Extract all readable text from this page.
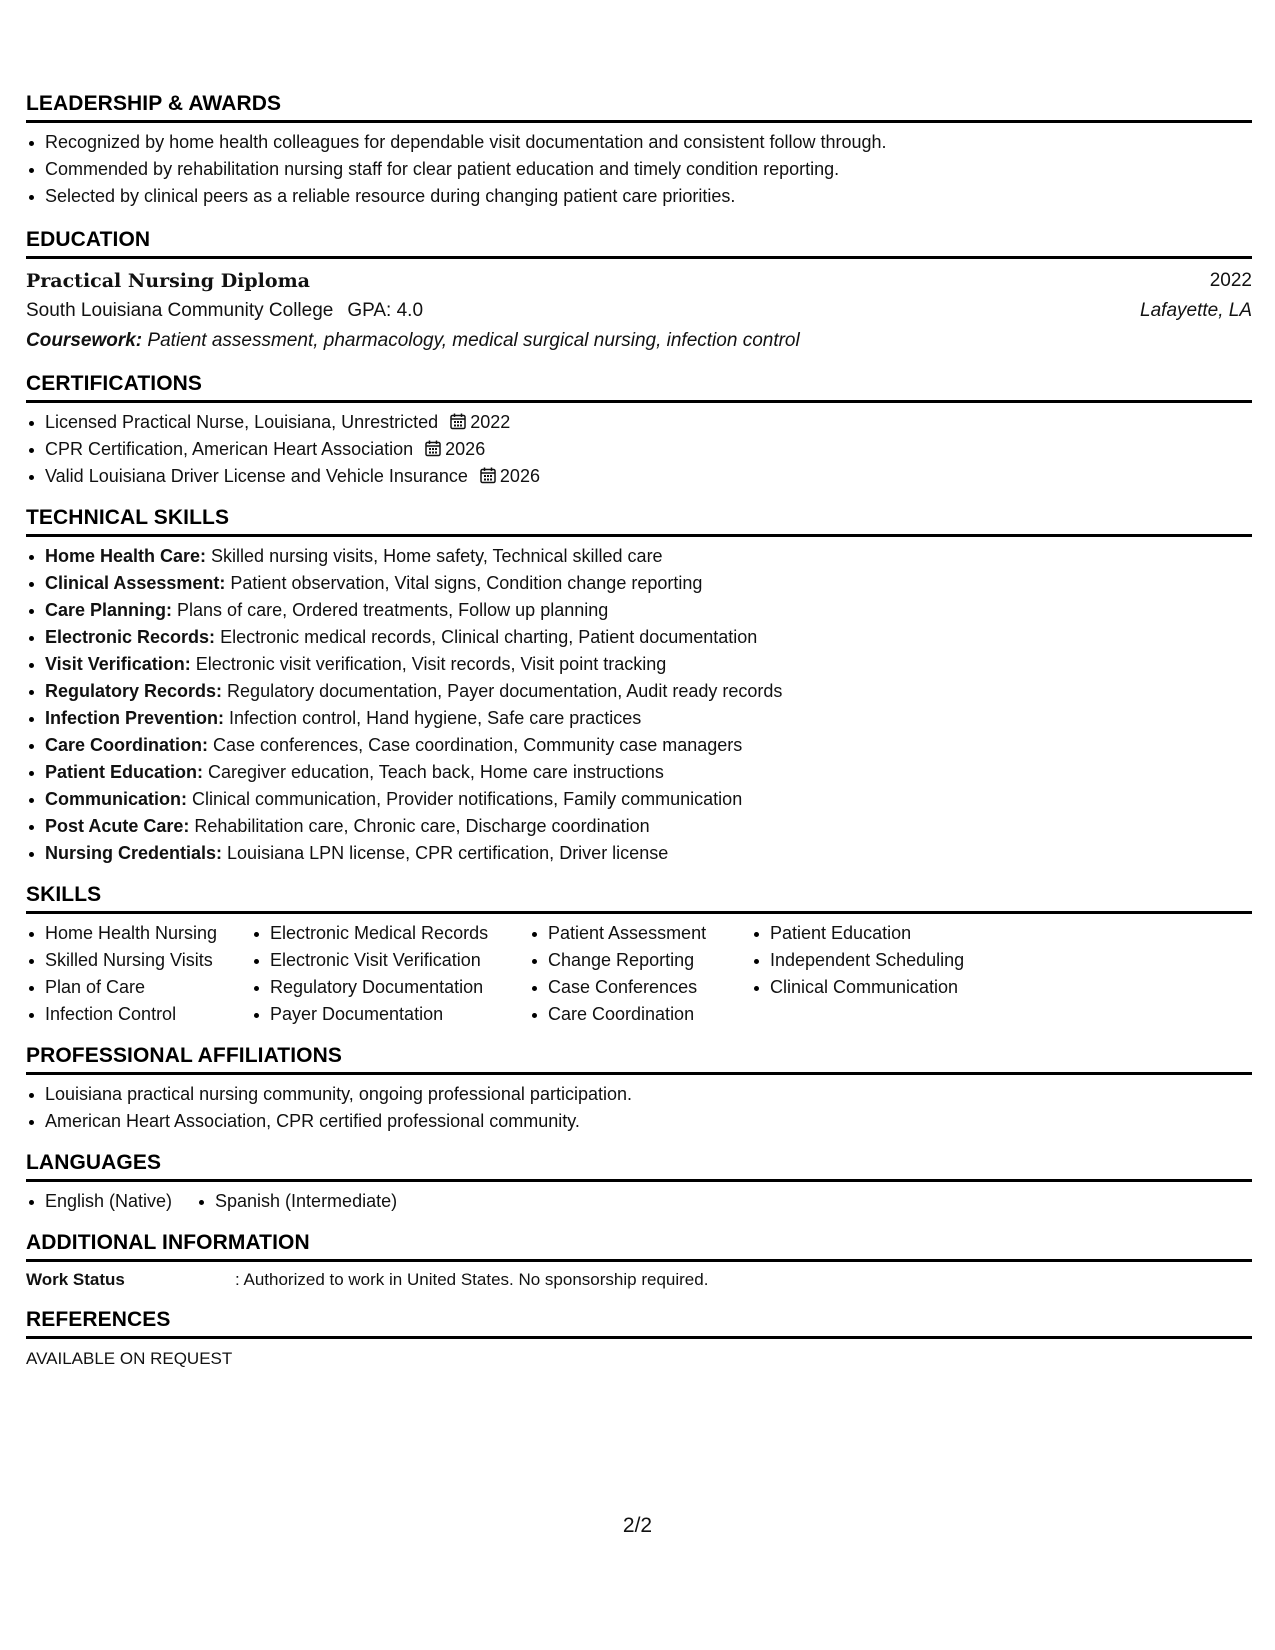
LEADERSHIP & AWARDS
Recognized by home health colleagues for dependable visit documentation and consistent follow through.
Commended by rehabilitation nursing staff for clear patient education and timely condition reporting.
Selected by clinical peers as a reliable resource during changing patient care priorities.
EDUCATION
Practical Nursing Diploma	2022
South Louisiana Community College GPA: 4.0	Lafayette, LA
Coursework: Patient assessment, pharmacology, medical surgical nursing, infection control
CERTIFICATIONS
Licensed Practical Nurse, Louisiana, Unrestricted 2022
CPR Certification, American Heart Association 2026
Valid Louisiana Driver License and Vehicle Insurance 2026
TECHNICAL SKILLS
Home Health Care: Skilled nursing visits, Home safety, Technical skilled care
Clinical Assessment: Patient observation, Vital signs, Condition change reporting
Care Planning: Plans of care, Ordered treatments, Follow up planning
Electronic Records: Electronic medical records, Clinical charting, Patient documentation
Visit Verification: Electronic visit verification, Visit records, Visit point tracking
Regulatory Records: Regulatory documentation, Payer documentation, Audit ready records
Infection Prevention: Infection control, Hand hygiene, Safe care practices
Care Coordination: Case conferences, Case coordination, Community case managers
Patient Education: Caregiver education, Teach back, Home care instructions
Communication: Clinical communication, Provider notifications, Family communication
Post Acute Care: Rehabilitation care, Chronic care, Discharge coordination
Nursing Credentials: Louisiana LPN license, CPR certification, Driver license
SKILLS
Home Health Nursing
Skilled Nursing Visits
Plan of Care
Infection Control
Electronic Medical Records
Electronic Visit Verification
Regulatory Documentation
Payer Documentation
Patient Assessment
Change Reporting
Case Conferences
Care Coordination
Patient Education
Independent Scheduling
Clinical Communication
PROFESSIONAL AFFILIATIONS
Louisiana practical nursing community, ongoing professional participation.
American Heart Association, CPR certified professional community.
LANGUAGES
English (Native)	Spanish (Intermediate)
ADDITIONAL INFORMATION
Work Status	: Authorized to work in United States. No sponsorship required.
REFERENCES
AVAILABLE ON REQUEST
2/2
